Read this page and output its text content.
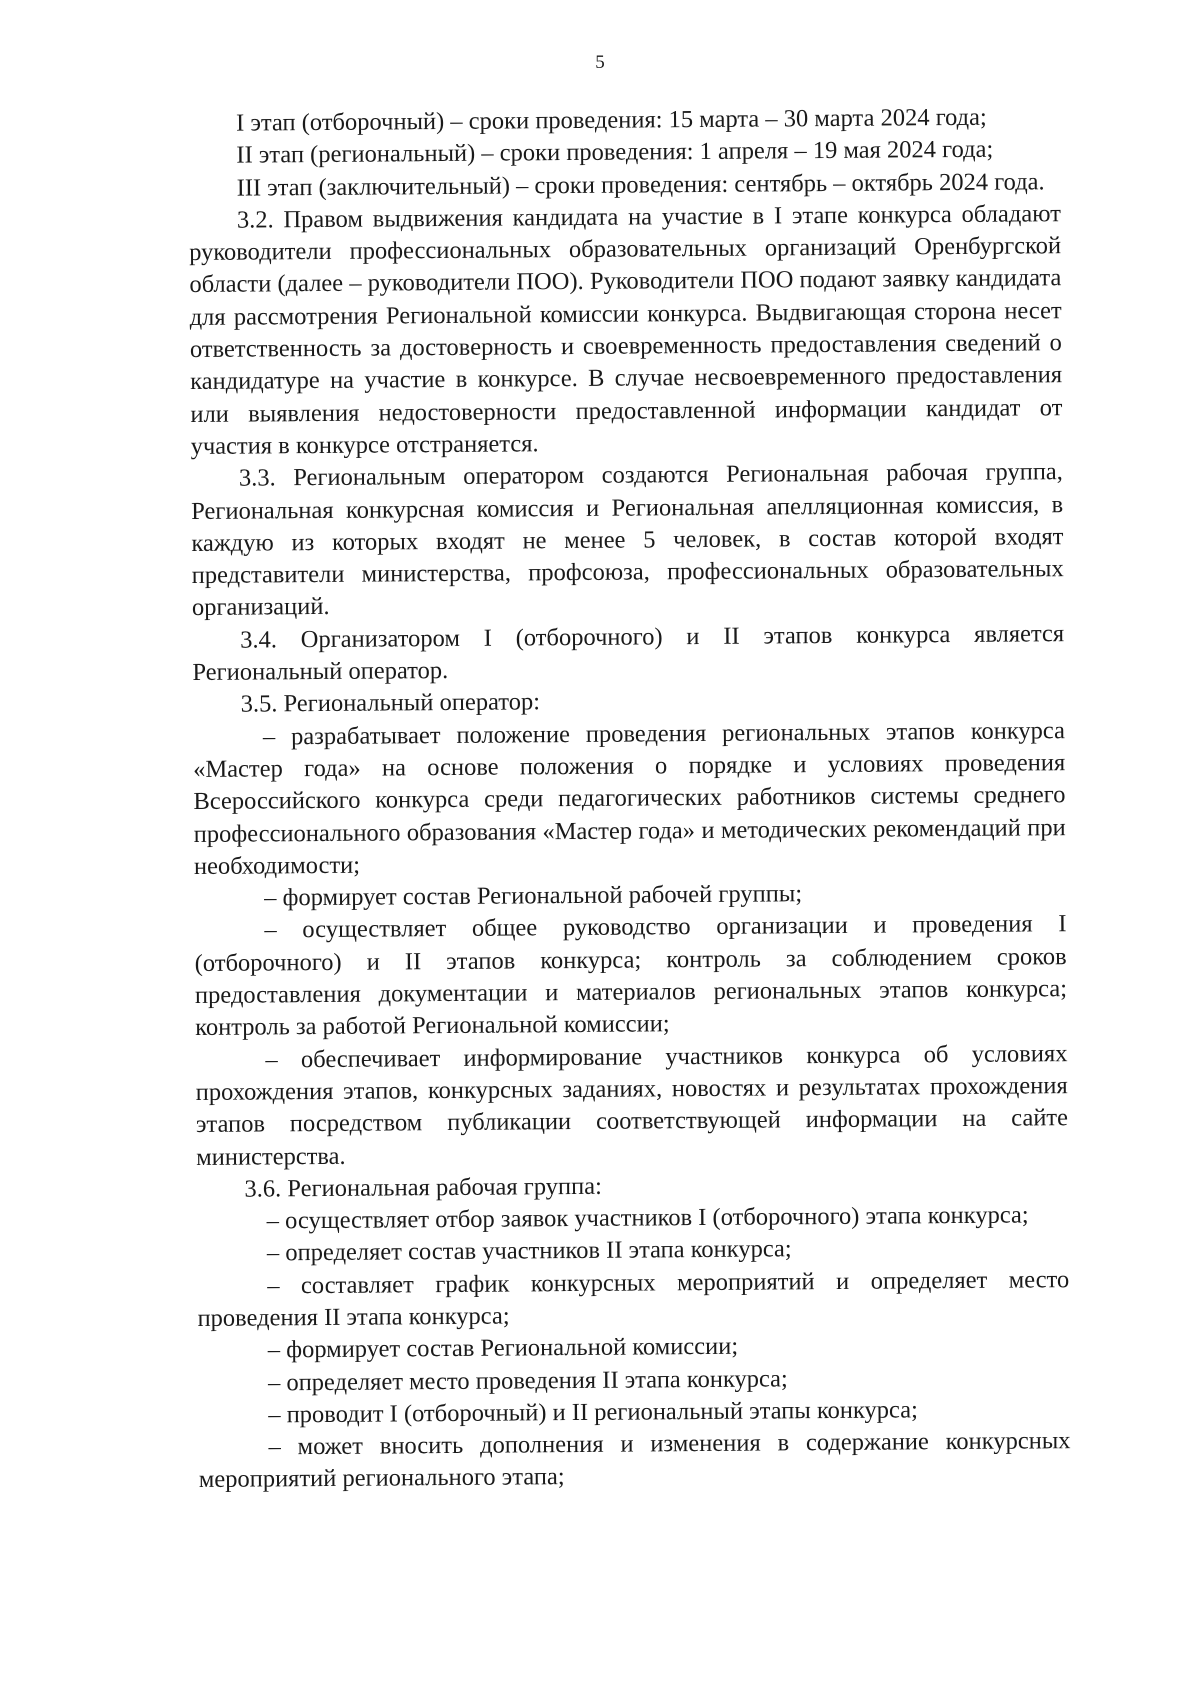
5

I этап (отборочный) – сроки проведения: 15 марта – 30 марта 2024 года;

II этап (региональный) – сроки проведения: 1 апреля – 19 мая 2024 года;

III этап (заключительный) – сроки проведения: сентябрь – октябрь 2024 года.

3.2. Правом выдвижения кандидата на участие в I этапе конкурса обладают руководители профессиональных образовательных организаций Оренбургской области (далее – руководители ПОО). Руководители ПОО подают заявку кандидата для рассмотрения Региональной комиссии конкурса. Выдвигающая сторона несет ответственность за достоверность и своевременность предоставления сведений о кандидатуре на участие в конкурсе. В случае несвоевременного предоставления или выявления недостоверности предоставленной информации кандидат от участия в конкурсе отстраняется.

3.3. Региональным оператором создаются Региональная рабочая группа, Региональная конкурсная комиссия и Региональная апелляционная комиссия, в каждую из которых входят не менее 5 человек, в состав которой входят представители министерства, профсоюза, профессиональных образовательных организаций.

3.4. Организатором I (отборочного) и II этапов конкурса является Региональный оператор.

3.5. Региональный оператор:

– разрабатывает положение проведения региональных этапов конкурса «Мастер года» на основе положения о порядке и условиях проведения Всероссийского конкурса среди педагогических работников системы среднего профессионального образования «Мастер года» и методических рекомендаций при необходимости;

– формирует состав Региональной рабочей группы;

– осуществляет общее руководство организации и проведения I (отборочного) и II этапов конкурса; контроль за соблюдением сроков предоставления документации и материалов региональных этапов конкурса; контроль за работой Региональной комиссии;

– обеспечивает информирование участников конкурса об условиях прохождения этапов, конкурсных заданиях, новостях и результатах прохождения этапов посредством публикации соответствующей информации на сайте министерства.

3.6. Региональная рабочая группа:

– осуществляет отбор заявок участников I (отборочного) этапа конкурса;

– определяет состав участников II этапа конкурса;

– составляет график конкурсных мероприятий и определяет место проведения II этапа конкурса;

– формирует состав Региональной комиссии;

– определяет место проведения II этапа конкурса;

– проводит I (отборочный) и II региональный этапы конкурса;

– может вносить дополнения и изменения в содержание конкурсных мероприятий регионального этапа;
